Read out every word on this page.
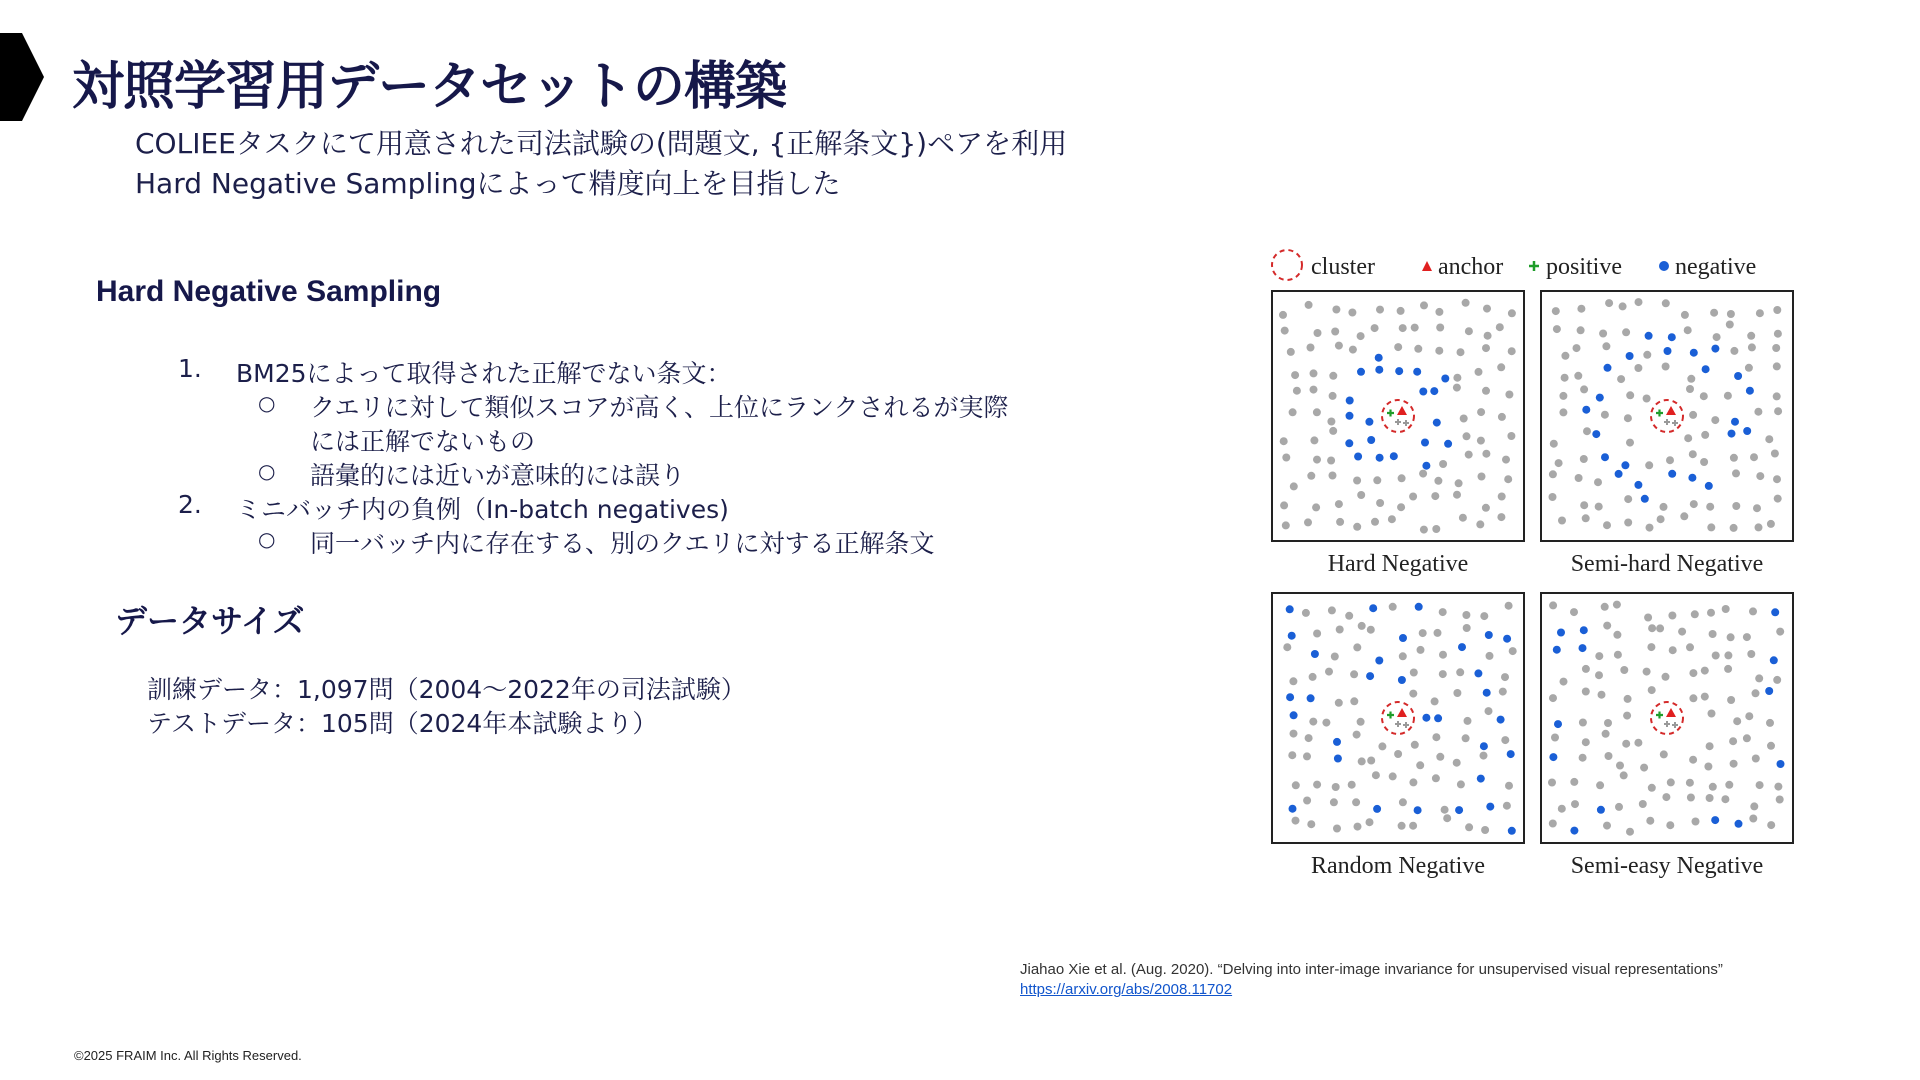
対照学習用データセットの構築
COLIEEタスクにて用意された司法試験の(問題文, {正解条文})ペアを利用
Hard Negative Samplingによって精度向上を目指した
Hard Negative Sampling
1. BM25によって取得された正解でない条文：
○ クエリに対して類似スコアが高く、上位にランクされるが実際
には正解でないもの
○ 語彙的には近いが意味的には誤り
2. ミニバッチ内の負例（In-batch negatives)
○ 同一バッチ内に存在する、別のクエリに対する正解条文
データサイズ
訓練データ：1,097問（2004〜2022年の司法試験）
テストデータ：105問（2024年本試験より）
cluster	anchor positive negative
Hard Negative	Semi-hard Negative
Random Negative	Semi-easy Negative
Jiahao Xie et al. (Aug. 2020). “Delving into inter-image invariance for unsupervised visual representations”
https://arxiv.org/abs/2008.11702
©2025 FRAIM Inc. All Rights Reserved.
